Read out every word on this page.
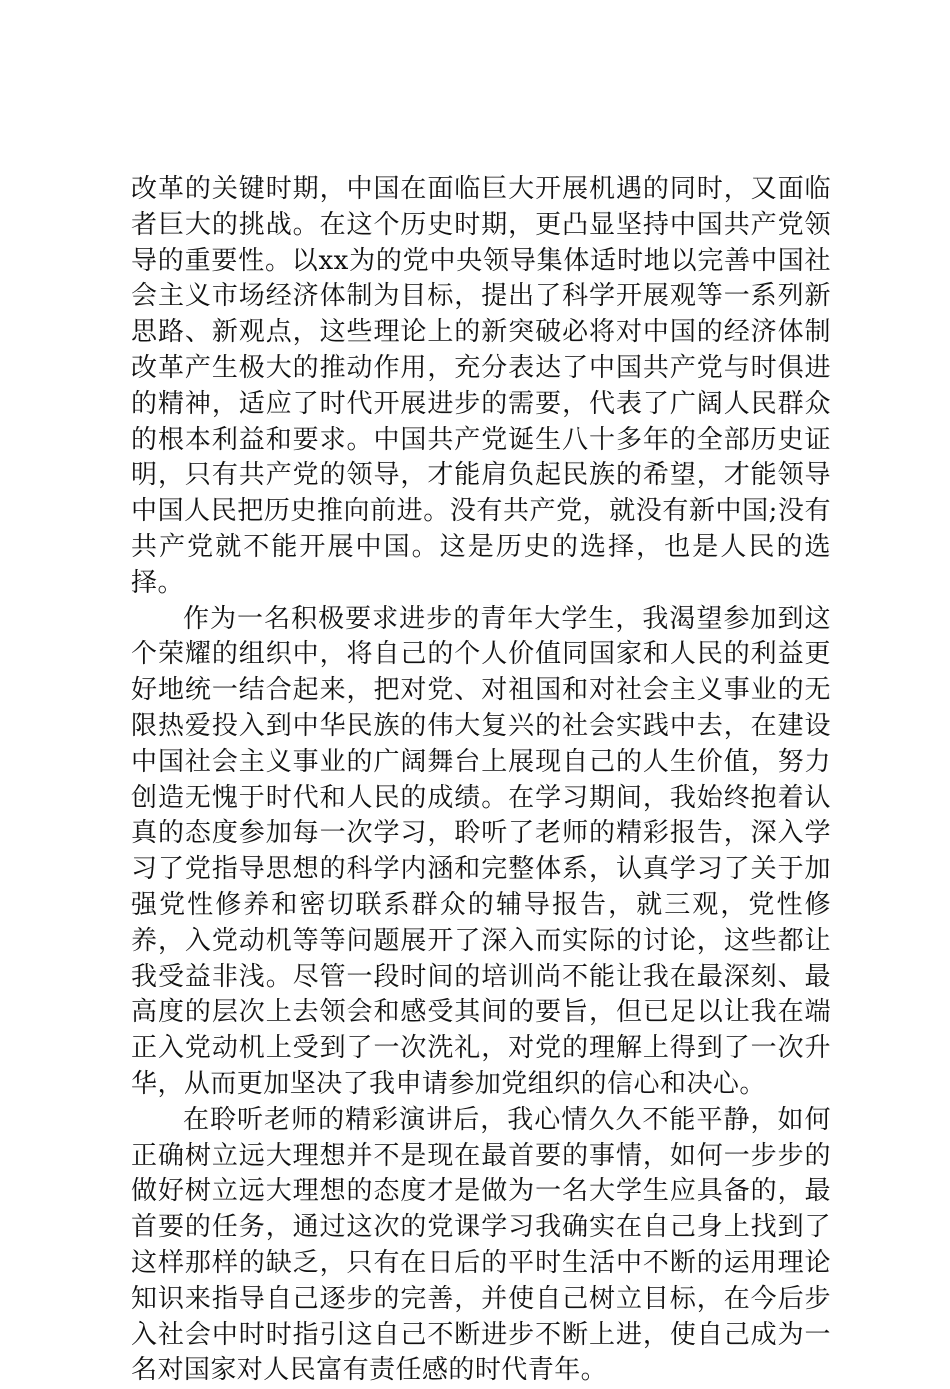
改革的关键时期，中国在面临巨大开展机遇的同时，又面临者巨大的挑战。在这个历史时期，更凸显坚持中国共产党领导的重要性。以xx为的党中央领导集体适时地以完善中国社会主义市场经济体制为目标，提出了科学开展观等一系列新思路、新观点，这些理论上的新突破必将对中国的经济体制改革产生极大的推动作用，充分表达了中国共产党与时俱进的精神，适应了时代开展进步的需要，代表了广阔人民群众的根本利益和要求。中国共产党诞生八十多年的全部历史证明，只有共产党的领导，才能肩负起民族的希望，才能领导中国人民把历史推向前进。没有共产党，就没有新中国;没有共产党就不能开展中国。这是历史的选择，也是人民的选择。

作为一名积极要求进步的青年大学生，我渴望参加到这个荣耀的组织中，将自己的个人价值同国家和人民的利益更好地统一结合起来，把对党、对祖国和对社会主义事业的无限热爱投入到中华民族的伟大复兴的社会实践中去，在建设中国社会主义事业的广阔舞台上展现自己的人生价值，努力创造无愧于时代和人民的成绩。在学习期间，我始终抱着认真的态度参加每一次学习，聆听了老师的精彩报告，深入学习了党指导思想的科学内涵和完整体系，认真学习了关于加强党性修养和密切联系群众的辅导报告，就三观，党性修养，入党动机等等问题展开了深入而实际的讨论，这些都让我受益非浅。尽管一段时间的培训尚不能让我在最深刻、最高度的层次上去领会和感受其间的要旨，但已足以让我在端正入党动机上受到了一次洗礼，对党的理解上得到了一次升华，从而更加坚决了我申请参加党组织的信心和决心。

在聆听老师的精彩演讲后，我心情久久不能平静，如何正确树立远大理想并不是现在最首要的事情，如何一步步的做好树立远大理想的态度才是做为一名大学生应具备的，最首要的任务，通过这次的党课学习我确实在自己身上找到了这样那样的缺乏，只有在日后的平时生活中不断的运用理论知识来指导自己逐步的完善，并使自己树立目标，在今后步入社会中时时指引这自己不断进步不断上进，使自己成为一名对国家对人民富有责任感的时代青年。
